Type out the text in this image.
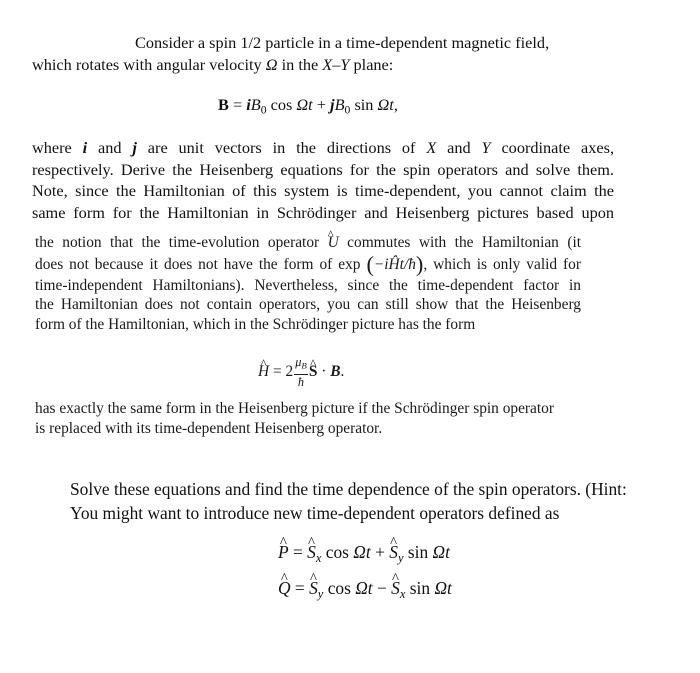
Consider a spin 1/2 particle in a time-dependent magnetic field,
which rotates with angular velocity Ω in the X–Y plane:
$B = iB_0$ $\cos \Omega t + jB_0$ sin Ωt,
where i and j are unit vectors in the directions of X and Y coordinate axes,
respectively. Derive the Heisenberg equations for the spin operators and solve them.
Note, since the Hamiltonian of this system is time-dependent, you cannot claim the
same form for the Hamiltonian in Schrödinger and Heisenberg pictures based upon
the notion that the time-evolution operator ^ U commutes with the Hamiltonian (it
does not because it does not have the form of exp (−iĤt/ħ), which is only valid for
time-independent Hamiltonians). Nevertheless, since the time-dependent factor in
the Hamiltonian does not contain operators, you can still show that the Heisenberg
form of the Hamiltonian, which in the Schrödinger picture has the form
^ $H = 2 \frac{\mu_B}{ħ}$
^ S · B.
has exactly the same form in the Heisenberg picture if the Schrödinger spin operator
is replaced with its time-dependent Heisenberg operator.
Solve these equations and find the time dependence of the spin operators. (Hint:
You might want to introduce new time-dependent operators defined as
^ P = ^ $S_x$ cos Ωt + ^ $S_y$ sin Ωt
^ Q = ^ $S_y$ cos Ωt − ^ $S_x$ sin Ωt
